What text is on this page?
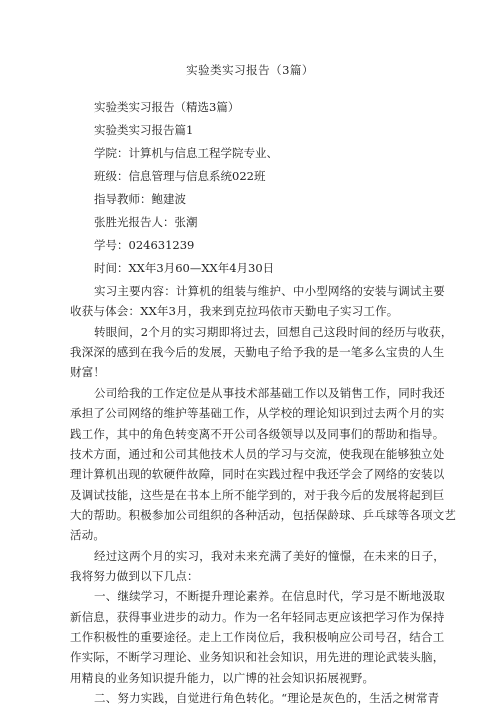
实验类实习报告（3篇）
实验类实习报告（精选3篇）
实验类实习报告篇1
学院：计算机与信息工程学院专业、
班级：信息管理与信息系统022班
指导教师：鲍建波
张胜光报告人：张潮
学号：024631239
时间：XX年3月60—XX年4月30日
实习主要内容：计算机的组装与维护、中小型网络的安装与调试主要
收获与体会：XX年3月，我来到克拉玛依市天勤电子实习工作。
转眼间，2个月的实习期即将过去，回想自己这段时间的经历与收获，
我深深的感到在我今后的发展，天勤电子给予我的是一笔多么宝贵的人生
财富！
公司给我的工作定位是从事技术部基础工作以及销售工作，同时我还
承担了公司网络的维护等基础工作，从学校的理论知识到过去两个月的实
践工作，其中的角色转变离不开公司各级领导以及同事们的帮助和指导。
技术方面，通过和公司其他技术人员的学习与交流，使我现在能够独立处
理计算机出现的软硬件故障，同时在实践过程中我还学会了网络的安装以
及调试技能，这些是在书本上所不能学到的，对于我今后的发展将起到巨
大的帮助。积极参加公司组织的各种活动，包括保龄球、乒乓球等各项文艺
活动。
经过这两个月的实习，我对未来充满了美好的憧憬，在未来的日子，
我将努力做到以下几点：
一、继续学习，不断提升理论素养。在信息时代，学习是不断地汲取
新信息，获得事业进步的动力。作为一名年轻同志更应该把学习作为保持
工作积极性的重要途径。走上工作岗位后，我积极响应公司号召，结合工
作实际，不断学习理论、业务知识和社会知识，用先进的理论武装头脑，
用精良的业务知识提升能力，以广博的社会知识拓展视野。
二、努力实践，自觉进行角色转化。“理论是灰色的，生活之树常青
